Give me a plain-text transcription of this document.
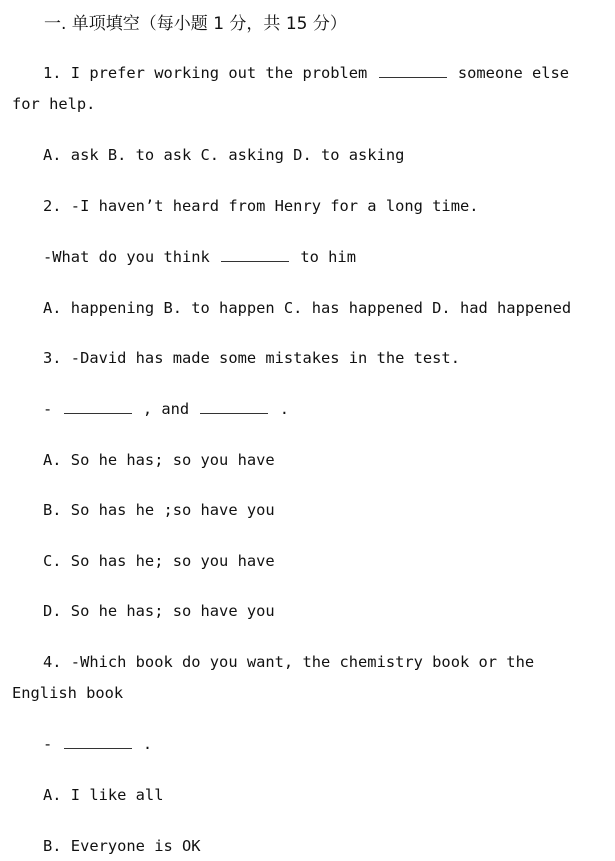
一. 单项填空（每小题 1 分，共 15 分）
1. I prefer working out the problem	someone else
for help.
A. ask B. to ask C. asking D. to asking
2. -I haven’t heard from Henry for a long time.
-What do you think	to him
A. happening B. to happen C. has happened D. had happened
3. -David has made some mistakes in the test.
-	, and	.
A. So he has; so you have
B. So has he ;so have you
C. So has he; so you have
D. So he has; so have you
4. -Which book do you want, the chemistry book or the
English book
-	.
A. I like all
B. Everyone is OK
